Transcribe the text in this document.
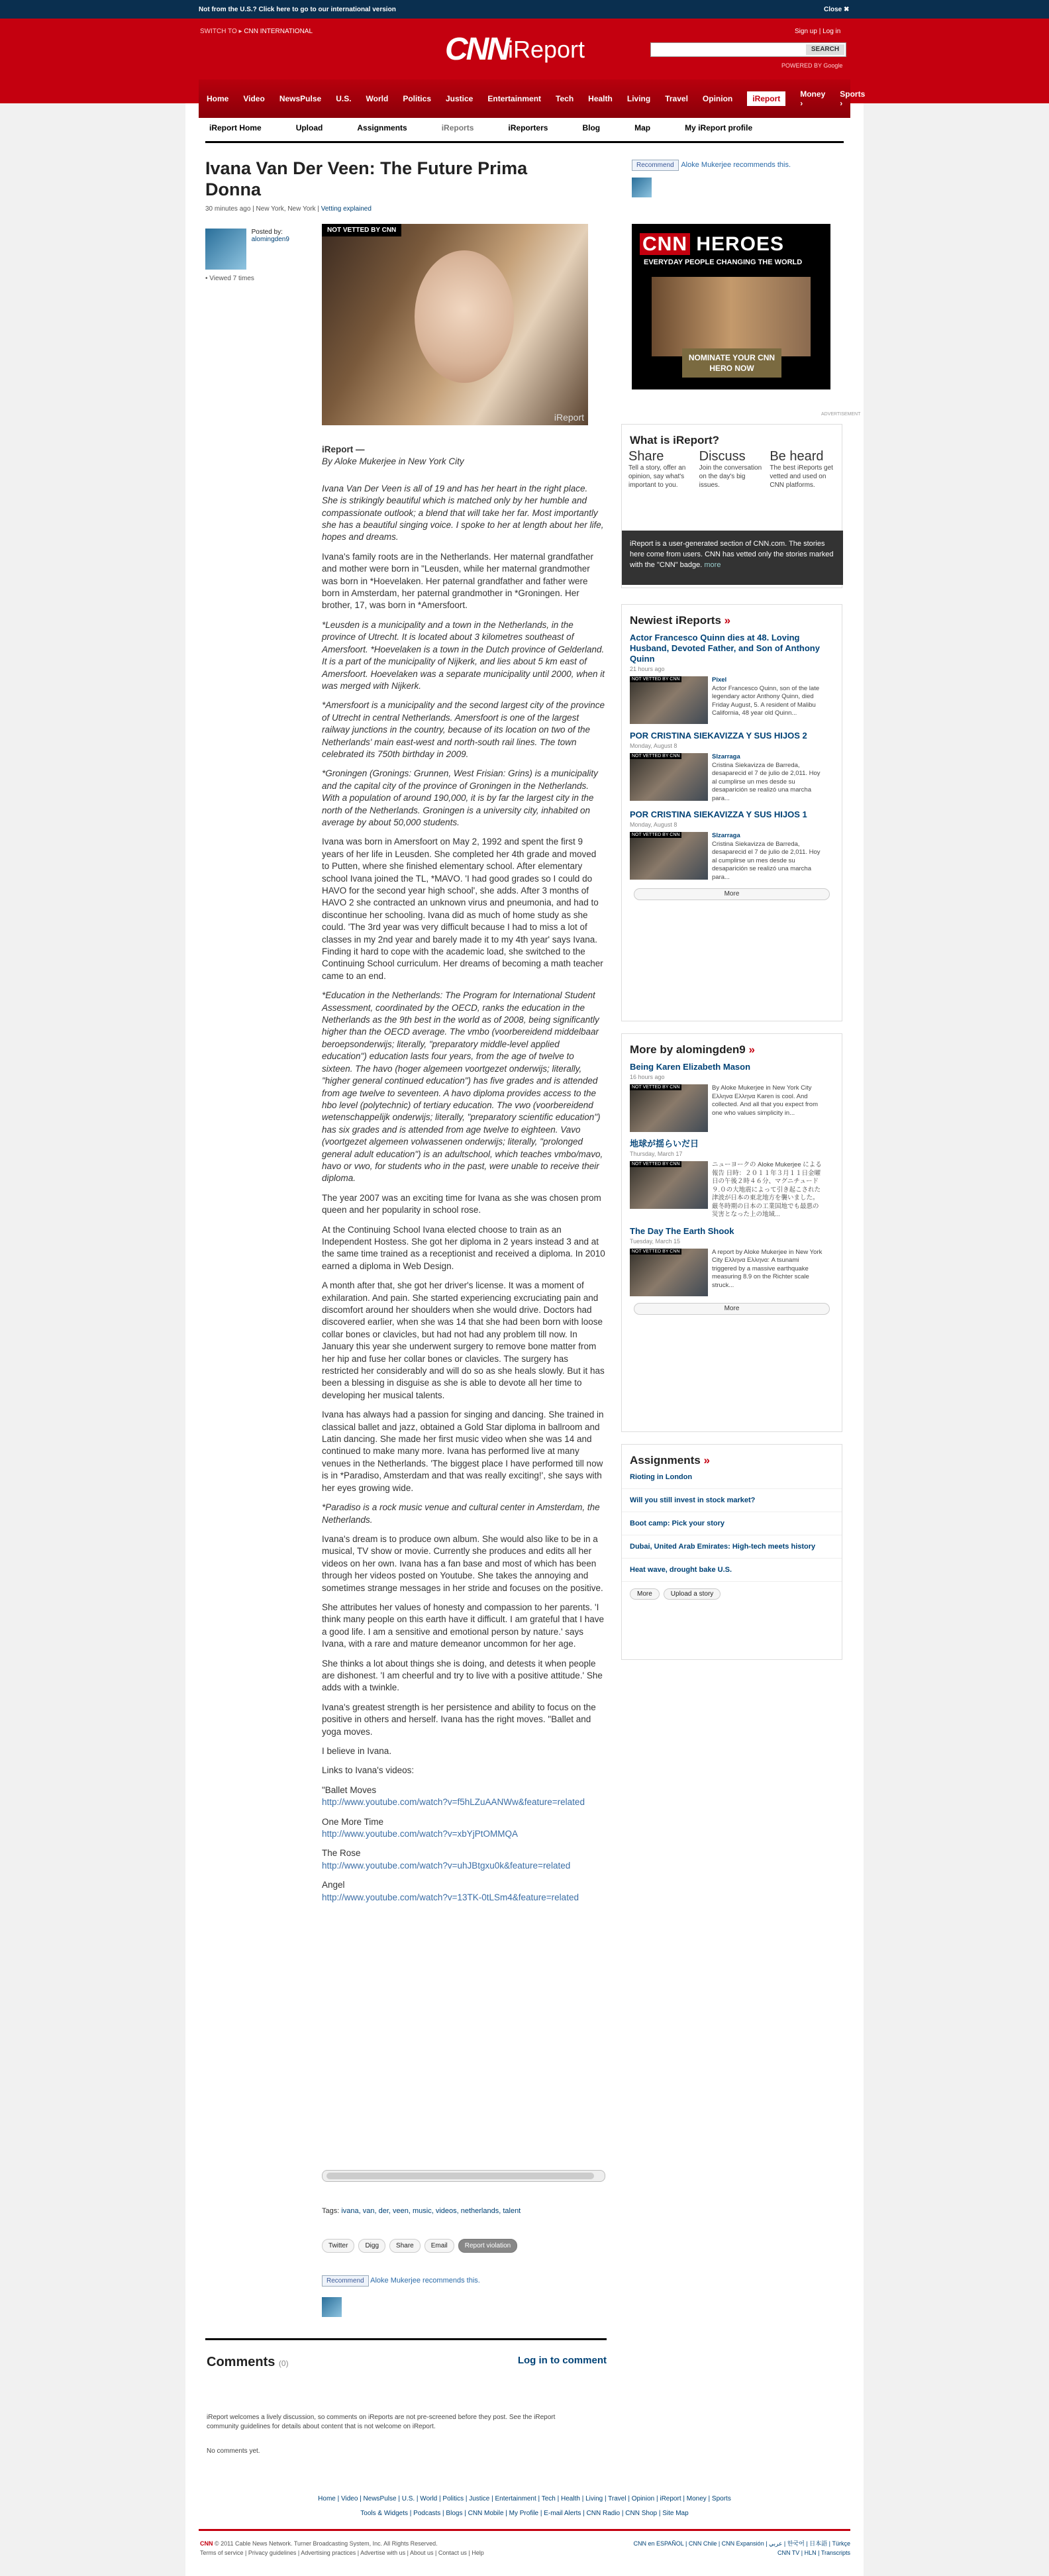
Not from the U.S.? Click here to go to our international version	Close ✖
SWITCH TO ▸ CNN INTERNATIONAL
CNNiReport
Sign up | Log in
SEARCH
POWERED BY Google
Home Video NewsPulse U.S. World Politics Justice Entertainment Tech Health Living Travel Opinion	iReport	Money ›
Sports ›
iReport Home	Upload	Assignments	iReports	iReporters	Blog	Map	My iReport profile
Ivana Van Der Veen: The Future Prima Donna
30 minutes ago | New York, New York | Vetting explained
Posted by:
alomingden9
• Viewed 7 times
NOT VETTED BY CNN
iReport

iReport —

By Aloke Mukerjee in New York City

Ivana Van Der Veen is all of 19 and has her heart in the right place. She is strikingly beautiful which is matched only by her humble and compassionate outlook; a blend that will take her far. Most importantly she has a beautiful singing voice. I spoke to her at length about her life, hopes and dreams.

Ivana's family roots are in the Netherlands. Her maternal grandfather and mother were born in "Leusden, while her maternal grandmother was born in *Hoevelaken. Her paternal grandfather and father were born in Amsterdam, her paternal grandmother in *Groningen. Her brother, 17, was born in *Amersfoort.

*Leusden is a municipality and a town in the Netherlands, in the province of Utrecht. It is located about 3 kilometres southeast of Amersfoort. *Hoevelaken is a town in the Dutch province of Gelderland. It is a part of the municipality of Nijkerk, and lies about 5 km east of Amersfoort. Hoevelaken was a separate municipality until 2000, when it was merged with Nijkerk.

*Amersfoort is a municipality and the second largest city of the province of Utrecht in central Netherlands. Amersfoort is one of the largest railway junctions in the country, because of its location on two of the Netherlands' main east-west and north-south rail lines. The town celebrated its 750th birthday in 2009.

*Groningen (Gronings: Grunnen, West Frisian: Grins) is a municipality and the capital city of the province of Groningen in the Netherlands. With a population of around 190,000, it is by far the largest city in the north of the Netherlands. Groningen is a university city, inhabited on average by about 50,000 students.

Ivana was born in Amersfoort on May 2, 1992 and spent the first 9 years of her life in Leusden. She completed her 4th grade and moved to Putten, where she finished elementary school. After elementary school Ivana joined the TL, *MAVO. 'I had good grades so I could do HAVO for the second year high school', she adds. After 3 months of HAVO 2 she contracted an unknown virus and pneumonia, and had to discontinue her schooling. Ivana did as much of home study as she could. 'The 3rd year was very difficult because I had to miss a lot of classes in my 2nd year and barely made it to my 4th year' says Ivana. Finding it hard to cope with the academic load, she switched to the Continuing School curriculum. Her dreams of becoming a math teacher came to an end.

*Education in the Netherlands: The Program for International Student Assessment, coordinated by the OECD, ranks the education in the Netherlands as the 9th best in the world as of 2008, being significantly higher than the OECD average. The vmbo (voorbereidend middelbaar beroepsonderwijs; literally, "preparatory middle-level applied education") education lasts four years, from the age of twelve to sixteen. The havo (hoger algemeen voortgezet onderwijs; literally, "higher general continued education") has five grades and is attended from age twelve to seventeen. A havo diploma provides access to the hbo level (polytechnic) of tertiary education. The vwo (voorbereidend wetenschappelijk onderwijs; literally, "preparatory scientific education") has six grades and is attended from age twelve to eighteen. Vavo (voortgezet algemeen volwassenen onderwijs; literally, "prolonged general adult education") is an adultschool, which teaches vmbo/mavo, havo or vwo, for students who in the past, were unable to receive their diploma.

The year 2007 was an exciting time for Ivana as she was chosen prom queen and her popularity in school rose.

At the Continuing School Ivana elected choose to train as an Independent Hostess. She got her diploma in 2 years instead 3 and at the same time trained as a receptionist and received a diploma. In 2010 earned a diploma in Web Design.

A month after that, she got her driver's license. It was a moment of exhilaration. And pain. She started experiencing excruciating pain and discomfort around her shoulders when she would drive. Doctors had discovered earlier, when she was 14 that she had been born with loose collar bones or clavicles, but had not had any problem till now. In January this year she underwent surgery to remove bone matter from her hip and fuse her collar bones or clavicles. The surgery has restricted her considerably and will do so as she heals slowly. But it has been a blessing in disguise as she is able to devote all her time to developing her musical talents.

Ivana has always had a passion for singing and dancing. She trained in classical ballet and jazz, obtained a Gold Star diploma in ballroom and Latin dancing. She made her first music video when she was 14 and continued to make many more. Ivana has performed live at many venues in the Netherlands. 'The biggest place I have performed till now is in *Paradiso, Amsterdam and that was really exciting!', she says with her eyes growing wide.

*Paradiso is a rock music venue and cultural center in Amsterdam, the Netherlands.

Ivana's dream is to produce own album. She would also like to be in a musical, TV show or movie. Currently she produces and edits all her videos on her own. Ivana has a fan base and most of which has been through her videos posted on Youtube. She takes the annoying and sometimes strange messages in her stride and focuses on the positive.

She attributes her values of honesty and compassion to her parents. 'I think many people on this earth have it difficult. I am grateful that I have a good life. I am a sensitive and emotional person by nature.' says Ivana, with a rare and mature demeanor uncommon for her age.

She thinks a lot about things she is doing, and detests it when people are dishonest. 'I am cheerful and try to live with a positive attitude.' She adds with a twinkle.

Ivana's greatest strength is her persistence and ability to focus on the positive in others and herself. Ivana has the right moves. "Ballet and yoga moves.

I believe in Ivana.

Links to Ivana's videos:

"Ballet Moves
http://www.youtube.com/watch?v=f5hLZuAANWw&feature=related

One More Time
http://www.youtube.com/watch?v=xbYjPtOMMQA

The Rose
http://www.youtube.com/watch?v=uhJBtgxu0k&feature=related

Angel
http://www.youtube.com/watch?v=13TK-0tLSm4&feature=related

Tags: ivana, van, der, veen, music, videos, netherlands, talent
Twitter	Digg	Share	Email	Report violation
Recommend Aloke Mukerjee recommends this.
Comments (0)	Log in to comment
iReport welcomes a lively discussion, so comments on iReports are not pre-screened before they post. See the iReport community guidelines for details about content that is not welcome on iReport.
No comments yet.
Recommend Aloke Mukerjee recommends this.
CNN HEROES
EVERYDAY PEOPLE CHANGING THE WORLD
NOMINATE YOUR CNN HERO NOW
ADVERTISEMENT
What is iReport?
Share
Tell a story, offer an opinion, say what's important to you.
Discuss
Join the conversation on the day's big issues.
Be heard
The best iReports get vetted and used on CNN platforms.
iReport is a user-generated section of CNN.com. The stories here come from users. CNN has vetted only the stories marked with the "CNN" badge. more
Newiest iReports »
Actor Francesco Quinn dies at 48. Loving Husband, Devoted Father, and Son of Anthony Quinn
21 hours ago
NOT VETTED BY CNN	Pixel
Actor Francesco Quinn, son of the late legendary actor Anthony Quinn, died Friday August, 5. A resident of Malibu California, 48 year old Quinn...
POR CRISTINA SIEKAVIZZA Y SUS HIJOS 2
Monday, August 8
NOT VETTED BY CNN	Slzarraga
Cristina Siekavizza de Barreda, desaparecid el 7 de julio de 2,011. Hoy al cumplirse un mes desde su desaparición se realizó una marcha para...
POR CRISTINA SIEKAVIZZA Y SUS HIJOS 1
Monday, August 8
NOT VETTED BY CNN	Slzarraga
Cristina Siekavizza de Barreda, desaparecid el 7 de julio de 2,011. Hoy al cumplirse un mes desde su desaparición se realizó una marcha para...
More
More by alomingden9 »
Being Karen Elizabeth Mason
16 hours ago
NOT VETTED BY CNN	By Aloke Mukerjee in New York City Ελληνα Ελληνα Karen is cool. And collected. And all that you expect from one who values simplicity in...
地球が揺らいだ日
Thursday, March 17
NOT VETTED BY CNN	ニューヨークの Aloke Mukerjee による報告 日時：２０１１年３月１１日金曜日の午後２時４６分、マグニチュード９.０の大地震によって引き起こされた津波が日本の東北地方を襲いました。厳冬時期の日本の工業国地でも最悪の災害となった上の地域...
The Day The Earth Shook
Tuesday, March 15
NOT VETTED BY CNN	A report by Aloke Mukerjee in New York City Ελληνα Ελληνα: A tsunami triggered by a massive earthquake measuring 8.9 on the Richter scale struck...
More
Assignments »
Rioting in London
Will you still invest in stock market?
Boot camp: Pick your story
Dubai, United Arab Emirates: High-tech meets history
Heat wave, drought bake U.S.
More	Upload a story
Home | Video | NewsPulse | U.S. | World | Politics | Justice | Entertainment | Tech | Health | Living | Travel | Opinion | iReport | Money | Sports
Tools & Widgets | Podcasts | Blogs | CNN Mobile | My Profile | E-mail Alerts | CNN Radio | CNN Shop | Site Map
CNN © 2011 Cable News Network. Turner Broadcasting System, Inc. All Rights Reserved.
Terms of service | Privacy guidelines | Advertising practices | Advertise with us | About us | Contact us | Help
CNN en ESPAÑOL | CNN Chile | CNN Expansión | عربي | 한국어 | 日本語 | Türkçe
CNN TV | HLN | Transcripts
